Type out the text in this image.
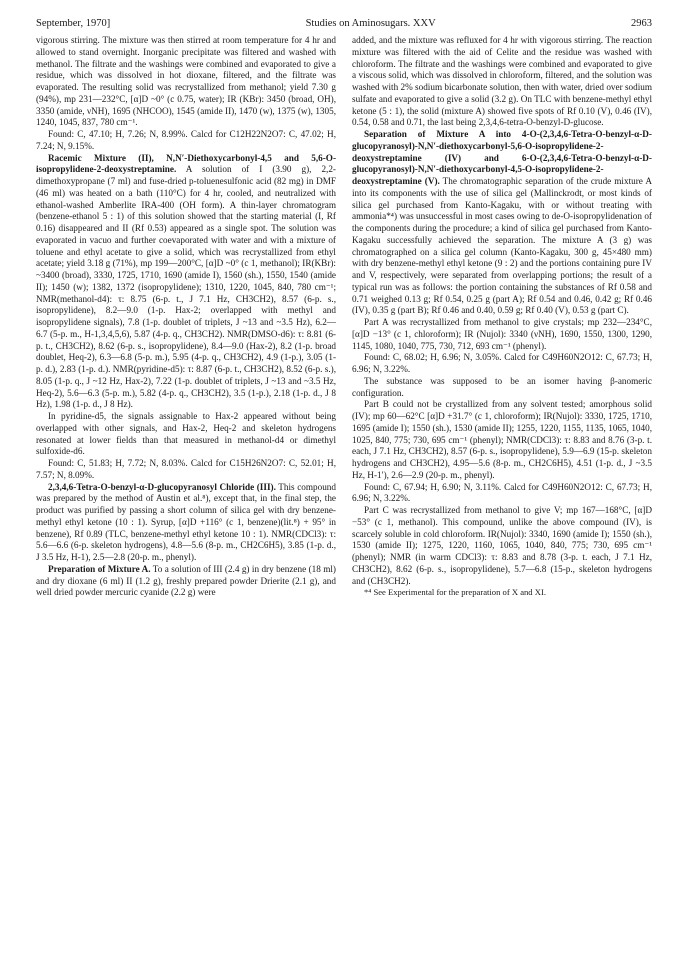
September, 1970]	Studies on Aminosugars. XXV	2963

vigorous stirring. The mixture was then stirred at room temperature for 4 hr and allowed to stand overnight. Inorganic precipitate was filtered and washed with methanol. The filtrate and the washings were combined and evaporated to give a residue, which was dissolved in hot dioxane, filtered, and the filtrate was evaporated. The resulting solid was recrystallized from methanol; yield 7.30 g (94%), mp 231—232°C, [α]D ~0° (c 0.75, water); IR (KBr): 3450 (broad, OH), 3350 (amide, νNH), 1695 (NHCOO), 1545 (amide II), 1470 (w), 1375 (w), 1305, 1240, 1045, 837, 780 cm⁻¹.

Found: C, 47.10; H, 7.26; N, 8.99%. Calcd for C12H22N2O7: C, 47.02; H, 7.24; N, 9.15%.

Racemic Mixture (II), N,N′-Diethoxycarbonyl-4,5 and 5,6-O-isopropylidene-2-deoxystreptamine. A solution of I (3.90 g), 2,2-dimethoxypropane (7 ml) and fuse-dried p-toluenesulfonic acid (82 mg) in DMF (46 ml) was heated on a bath (110°C) for 4 hr, cooled, and neutralized with ethanol-washed Amberlite IRA-400 (OH form). A thin-layer chromatogram (benzene-ethanol 5 : 1) of this solution showed that the starting material (I, Rf 0.16) disappeared and II (Rf 0.53) appeared as a single spot. The solution was evaporated in vacuo and further coevaporated with water and with a mixture of toluene and ethyl acetate to give a solid, which was recrystallized from ethyl acetate; yield 3.18 g (71%), mp 199—200°C, [α]D ~0° (c 1, methanol); IR(KBr): ~3400 (broad), 3330, 1725, 1710, 1690 (amide I), 1560 (sh.), 1550, 1540 (amide II); 1450 (w); 1382, 1372 (isopropylidene); 1310, 1220, 1045, 840, 780 cm⁻¹; NMR(methanol-d4): τ: 8.75 (6-p. t., J 7.1 Hz, CH3CH2), 8.57 (6-p. s., isopropylidene), 8.2—9.0 (1-p. Hax-2; overlapped with methyl and isopropylidene signals), 7.8 (1-p. doublet of triplets, J ~13 and ~3.5 Hz), 6.2—6.7 (5-p. m., H-1,3,4,5,6), 5.87 (4-p. q., CH3CH2). NMR(DMSO-d6): τ: 8.81 (6-p. t., CH3CH2), 8.62 (6-p. s., isopropylidene), 8.4—9.0 (Hax-2), 8.2 (1-p. broad doublet, Heq-2), 6.3—6.8 (5-p. m.), 5.95 (4-p. q., CH3CH2), 4.9 (1-p.), 3.05 (1-p. d.), 2.83 (1-p. d.). NMR(pyridine-d5): τ: 8.87 (6-p. t., CH3CH2), 8.52 (6-p. s.), 8.05 (1-p. q., J ~12 Hz, Hax-2), 7.22 (1-p. doublet of triplets, J ~13 and ~3.5 Hz, Heq-2), 5.6—6.3 (5-p. m.), 5.82 (4-p. q., CH3CH2), 3.5 (1-p.), 2.18 (1-p. d., J 8 Hz), 1.98 (1-p. d., J 8 Hz).

In pyridine-d5, the signals assignable to Hax-2 appeared without being overlapped with other signals, and Hax-2, Heq-2 and skeleton hydrogens resonated at lower fields than that measured in methanol-d4 or dimethyl sulfoxide-d6.

Found: C, 51.83; H, 7.72; N, 8.03%. Calcd for C15H26N2O7: C, 52.01; H, 7.57; N, 8.09%.

2,3,4,6-Tetra-O-benzyl-α-D-glucopyranosyl Chloride (III). This compound was prepared by the method of Austin et al.⁸), except that, in the final step, the product was purified by passing a short column of silica gel with dry benzene-methyl ethyl ketone (10 : 1). Syrup, [α]D +116° (c 1, benzene)(lit.⁸) + 95° in benzene), Rf 0.89 (TLC, benzene-methyl ethyl ketone 10 : 1). NMR(CDCl3): τ: 5.6—6.6 (6-p. skeleton hydrogens), 4.8—5.6 (8-p. m., CH2C6H5), 3.85 (1-p. d., J 3.5 Hz, H-1), 2.5—2.8 (20-p. m., phenyl).

Preparation of Mixture A. To a solution of III (2.4 g) in dry benzene (18 ml) and dry dioxane (6 ml) II (1.2 g), freshly prepared powder Drierite (2.1 g), and well dried powder mercuric cyanide (2.2 g) were

added, and the mixture was refluxed for 4 hr with vigorous stirring. The reaction mixture was filtered with the aid of Celite and the residue was washed with chloroform. The filtrate and the washings were combined and evaporated to give a viscous solid, which was dissolved in chloroform, filtered, and the solution was washed with 2% sodium bicarbonate solution, then with water, dried over sodium sulfate and evaporated to give a solid (3.2 g). On TLC with benzene-methyl ethyl ketone (5 : 1), the solid (mixture A) showed five spots of Rf 0.10 (V), 0.46 (IV), 0.54, 0.58 and 0.71, the last being 2,3,4,6-tetra-O-benzyl-D-glucose.

Separation of Mixture A into 4-O-(2,3,4,6-Tetra-O-benzyl-α-D-glucopyranosyl)-N,N′-diethoxycarbonyl-5,6-O-isopropylidene-2-deoxystreptamine (IV) and 6-O-(2,3,4,6-Tetra-O-benzyl-α-D-glucopyranosyl)-N,N′-diethoxycarbonyl-4,5-O-isopropylidene-2-deoxystreptamine (V). The chromatographic separation of the crude mixture A into its components with the use of silica gel (Mallinckrodt, or most kinds of silica gel purchased from Kanto-Kagaku, with or without treating with ammonia*⁴) was unsuccessful in most cases owing to de-O-isopropylidenation of the components during the procedure; a kind of silica gel purchased from Kanto-Kagaku successfully achieved the separation. The mixture A (3 g) was chromatographed on a silica gel column (Kanto-Kagaku, 300 g, 45×480 mm) with dry benzene-methyl ethyl ketone (9 : 2) and the portions containing pure IV and V, respectively, were separated from overlapping portions; the result of a typical run was as follows: the portion containing the substances of Rf 0.58 and 0.71 weighed 0.13 g; Rf 0.54, 0.25 g (part A); Rf 0.54 and 0.46, 0.42 g; Rf 0.46 (IV), 0.35 g (part B); Rf 0.46 and 0.40, 0.59 g; Rf 0.40 (V), 0.53 g (part C).

Part A was recrystallized from methanol to give crystals; mp 232—234°C, [α]D −13° (c 1, chloroform); IR (Nujol): 3340 (νNH), 1690, 1550, 1300, 1290, 1145, 1080, 1040, 775, 730, 712, 693 cm⁻¹ (phenyl).

Found: C, 68.02; H, 6.96; N, 3.05%. Calcd for C49H60N2O12: C, 67.73; H, 6.96; N, 3.22%.

The substance was supposed to be an isomer having β-anomeric configuration.

Part B could not be crystallized from any solvent tested; amorphous solid (IV); mp 60—62°C [α]D +31.7° (c 1, chloroform); IR(Nujol): 3330, 1725, 1710, 1695 (amide I); 1550 (sh.), 1530 (amide II); 1255, 1220, 1155, 1135, 1065, 1040, 1025, 840, 775; 730, 695 cm⁻¹ (phenyl); NMR(CDCl3): τ: 8.83 and 8.76 (3-p. t. each, J 7.1 Hz, CH3CH2), 8.57 (6-p. s., isopropylidene), 5.9—6.9 (15-p. skeleton hydrogens and CH3CH2), 4.95—5.6 (8-p. m., CH2C6H5), 4.51 (1-p. d., J ~3.5 Hz, H-1′), 2.6—2.9 (20-p. m., phenyl).

Found: C, 67.94; H, 6.90; N, 3.11%. Calcd for C49H60N2O12: C, 67.73; H, 6.96; N, 3.22%.

Part C was recrystallized from methanol to give V; mp 167—168°C, [α]D −53° (c 1, methanol). This compound, unlike the above compound (IV), is scarcely soluble in cold chloroform. IR(Nujol): 3340, 1690 (amide I); 1550 (sh.), 1530 (amide II); 1275, 1220, 1160, 1065, 1040, 840, 775; 730, 695 cm⁻¹ (phenyl); NMR (in warm CDCl3): τ: 8.83 and 8.78 (3-p. t. each, J 7.1 Hz, CH3CH2), 8.62 (6-p. s., isopropylidene), 5.7—6.8 (15-p., skeleton hydrogens and (CH3CH2).

*⁴ See Experimental for the preparation of X and XI.
